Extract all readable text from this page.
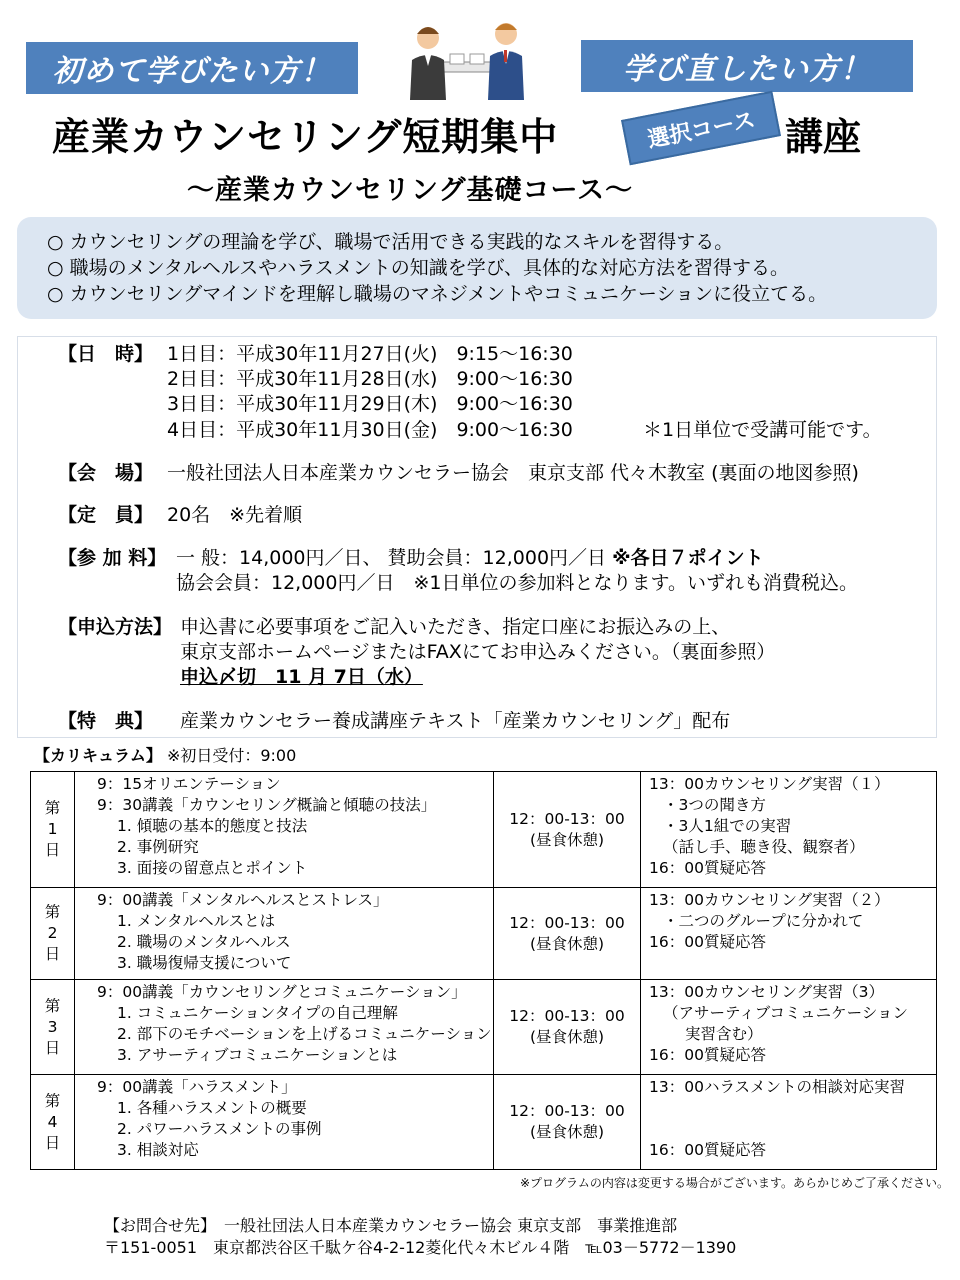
初めて学びたい方！	学び直したい方！
産業カウンセリング短期集中	選択コース 講座
～産業カウンセリング基礎コース～
○ カウンセリングの理論を学び、職場で活用できる実践的なスキルを習得する。
○ 職場のメンタルヘルスやハラスメントの知識を学び、具体的な対応方法を習得する。
○ カウンセリングマインドを理解し職場のマネジメントやコミュニケーションに役立てる。
【日　時】 1日目：平成30年11月27日(火)　9:15～16:30
2日目：平成30年11月28日(水)　9:00～16:30
3日目：平成30年11月29日(木)　9:00～16:30
4日目：平成30年11月30日(金)　9:00～16:30	＊1日単位で受講可能です。
【会　場】 一般社団法人日本産業カウンセラー協会　東京支部 代々木教室 (裏面の地図参照)
【定　員】 20名　※先着順
【参 加 料】 一 般：14,000円／日、 賛助会員：12,000円／日 ※各日７ポイント
協会会員：12,000円／日　※1日単位の参加料となります。いずれも消費税込。
【申込方法】 申込書に必要事項をご記入いただき、指定口座にお振込みの上、
東京支部ホームページまたはFAXにてお申込みください。（裏面参照）
申込〆切　11 月 7日（水）
【特　典】 産業カウンセラー養成講座テキスト「産業カウンセリング」配布
【カリキュラム】 ※初日受付：9:00
第
1
日	9：15オリエンテーション
9：30講義「カウンセリング概論と傾聴の技法」
1. 傾聴の基本的態度と技法
2. 事例研究
3. 面接の留意点とポイント	12：00-13：00
(昼食休憩)	13：00カウンセリング実習（１）
・3つの聞き方
・3人1組での実習
（話し手、聴き役、観察者）
16：00質疑応答

第
2
日	9：00講義「メンタルヘルスとストレス」
1. メンタルヘルスとは
2. 職場のメンタルヘルス
3. 職場復帰支援について	12：00-13：00
(昼食休憩)	13：00カウンセリング実習（２）
・二つのグループに分かれて
16：00質疑応答

第
3
日	9：00講義「カウンセリングとコミュニケーション」
1. コミュニケーションタイプの自己理解
2. 部下のモチベーションを上げるコミュニケーション
3. アサーティブコミュニケーションとは	12：00-13：00
(昼食休憩)	13：00カウンセリング実習（3）
（アサーティブコミュニケーション
実習含む）
16：00質疑応答

第
4
日	9：00講義「ハラスメント」
1. 各種ハラスメントの概要
2. パワーハラスメントの事例
3. 相談対応	12：00-13：00
(昼食休憩)	13：00ハラスメントの相談対応実習
16：00質疑応答
※プログラムの内容は変更する場合がございます。あらかじめご了承ください。
【お問合せ先】　一般社団法人日本産業カウンセラー協会 東京支部　事業推進部
〒151-0051　東京都渋谷区千駄ケ谷4-2-12菱化代々木ビル４階　℡03－5772－1390
